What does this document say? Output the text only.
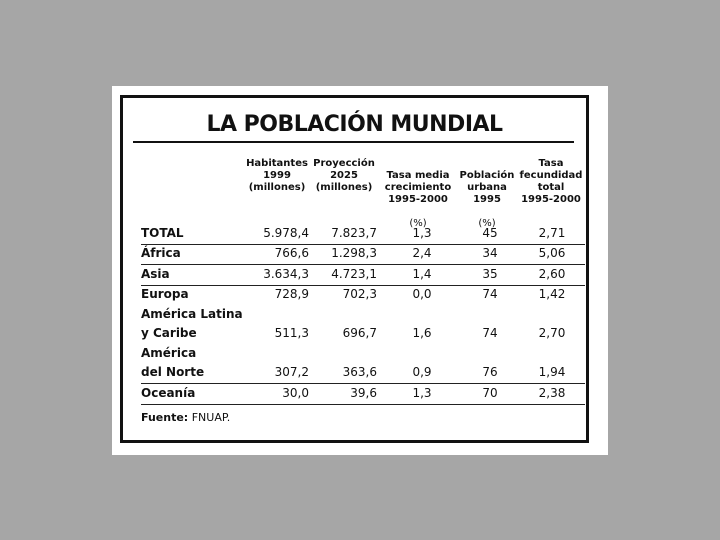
LA POBLACIÓN MUNDIAL
Habitantes
1999
(millones)
Proyección
2025
(millones)

Tasa media
crecimiento
1995-2000

(%)

Población
urbana
1995

(%)

Tasa
fecundidad
total
1995-2000
TOTAL	5.978,4 7.823,7	1,3	45	2,71
África	766,6 1.298,3	2,4	34	5,06
Asia	3.634,3 4.723,1	1,4	35	2,60
Europa	728,9	702,3	0,0	74	1,42
América Latina
y Caribe	511,3	696,7	1,6	74	2,70
América
del Norte	307,2	363,6	0,9	76	1,94
Oceanía	30,0	39,6	1,3	70	2,38
Fuente: FNUAP.
